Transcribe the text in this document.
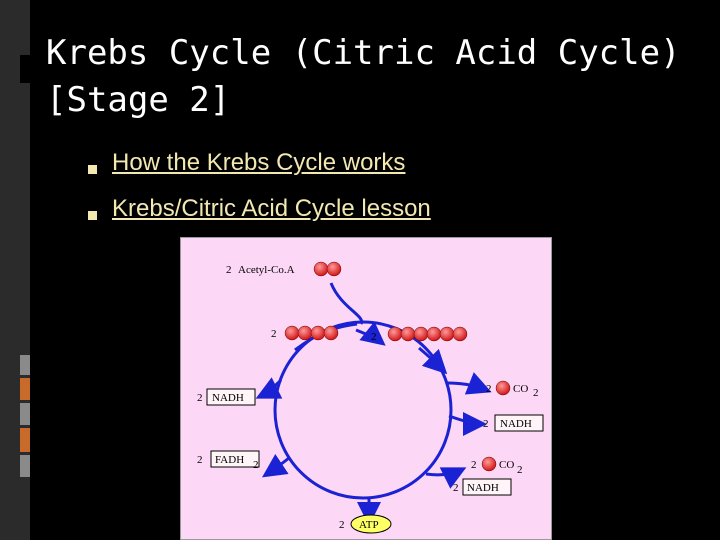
Krebs Cycle (Citric Acid Cycle)
[Stage 2]
How the Krebs Cycle works
Krebs/Citric Acid Cycle lesson
2 Acetyl-Co.A
2	2
2 CO 2
2 NADH
2 NADH
2 FADH 2	2 CO 2
2 NADH
2 ATP
